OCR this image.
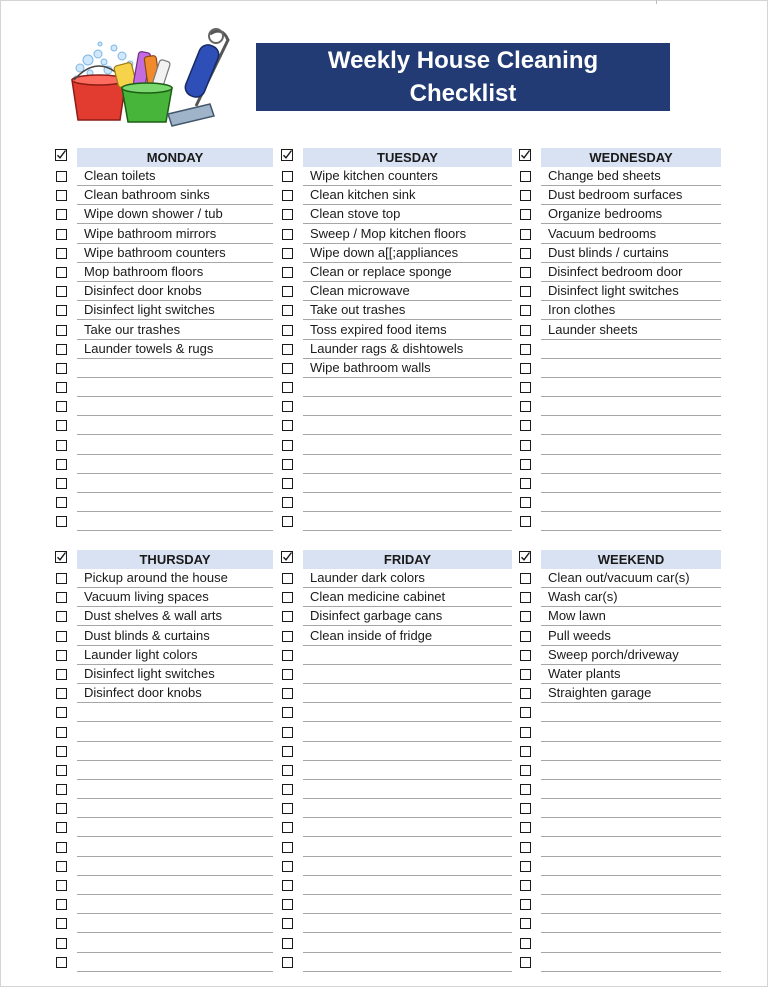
Weekly House Cleaning
Checklist
MONDAY
Clean toilets
Clean bathroom sinks
Wipe down shower / tub
Wipe bathroom mirrors
Wipe bathroom counters
Mop bathroom floors
Disinfect door knobs
Disinfect light switches
Take our trashes
Launder towels & rugs
TUESDAY
Wipe kitchen counters
Clean kitchen sink
Clean stove top
Sweep / Mop kitchen floors
Wipe down a[[;appliances
Clean or replace sponge
Clean microwave
Take out trashes
Toss expired food items
Launder rags & dishtowels
Wipe bathroom walls
WEDNESDAY
Change bed sheets
Dust bedroom surfaces
Organize bedrooms
Vacuum bedrooms
Dust blinds / curtains
Disinfect bedroom door
Disinfect light switches
Iron clothes
Launder sheets
THURSDAY
Pickup around the house
Vacuum living spaces
Dust shelves & wall arts
Dust blinds & curtains
Launder light colors
Disinfect light switches
Disinfect door knobs
FRIDAY
Launder dark colors
Clean medicine cabinet
Disinfect garbage cans
Clean inside of fridge
WEEKEND
Clean out/vacuum car(s)
Wash car(s)
Mow lawn
Pull weeds
Sweep porch/driveway
Water plants
Straighten garage
